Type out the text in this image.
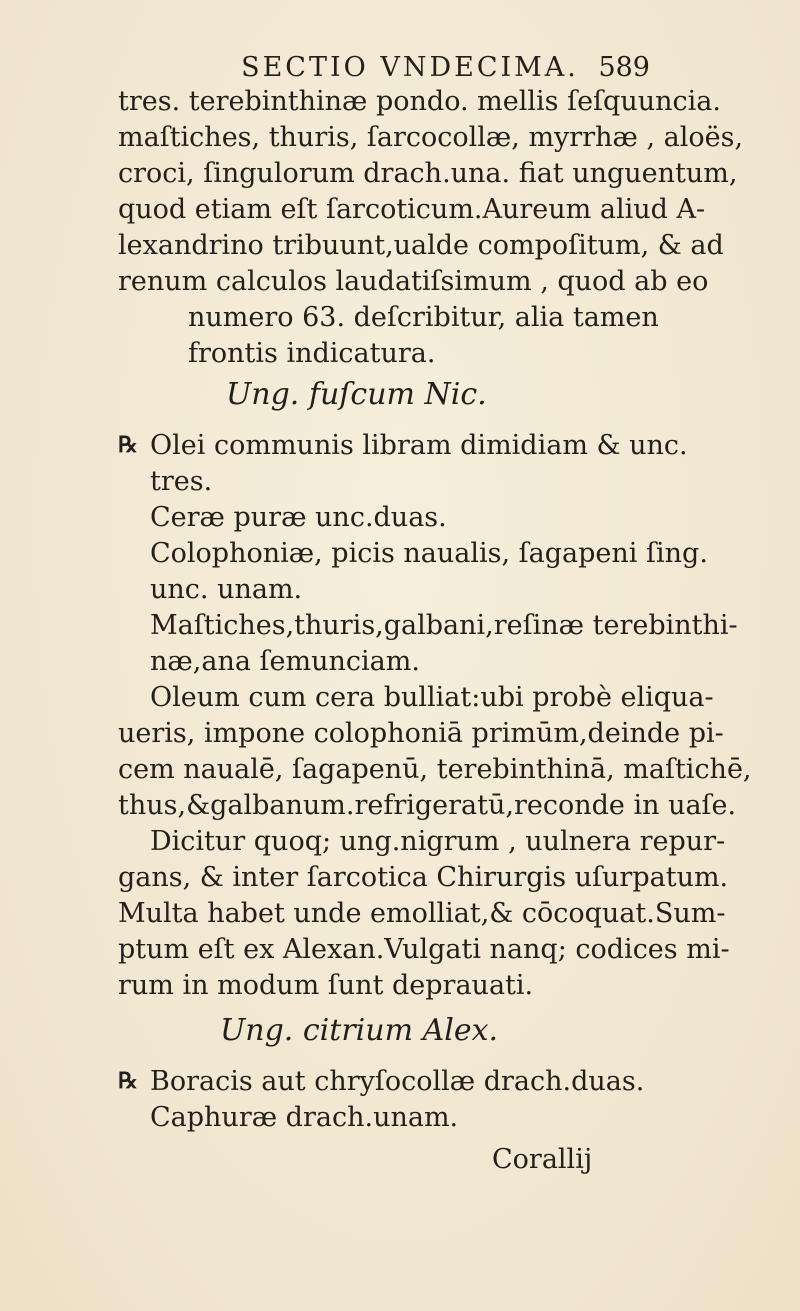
SECTIO VNDECIMA. 589
tres. terebinthinæ pondo. mellis ſeſquuncia.
maſtiches, thuris, ſarcocollæ, myrrhæ , aloës,
croci, ſingulorum drach.una. fiat unguentum,
quod etiam eſt ſarcoticum.Aureum aliud A-
lexandrino tribuunt,ualde compoſitum, & ad
renum calculos laudatiſsimum , quod ab eo
numero 63. deſcribitur, alia tamen
frontis indicatura.
Ung. fuſcum Nic.
℞ Olei communis libram dimidiam & unc.
tres.
Ceræ puræ unc.duas.
Colophoniæ, picis naualis, ſagapeni ſing.
unc. unam.
Maſtiches,thuris,galbani,reſinæ terebinthi-
næ,ana ſemunciam.
Oleum cum cera bulliat:ubi probè eliqua-
ueris, impone colophoniā primūm,deinde pi-
cem naualē, ſagapenū, terebinthinā, maſtichē,
thus,&galbanum.refrigeratū,reconde in uaſe.
Dicitur quoq; ung.nigrum , uulnera repur-
gans, & inter ſarcotica Chirurgis uſurpatum.
Multa habet unde emolliat,& cōcoquat.Sum-
ptum eſt ex Alexan.Vulgati nanq; codices mi-
rum in modum ſunt deprauati.
Ung. citrium Alex.
℞ Boracis aut chryſocollæ drach.duas.
Caphuræ drach.unam.
Corallij
